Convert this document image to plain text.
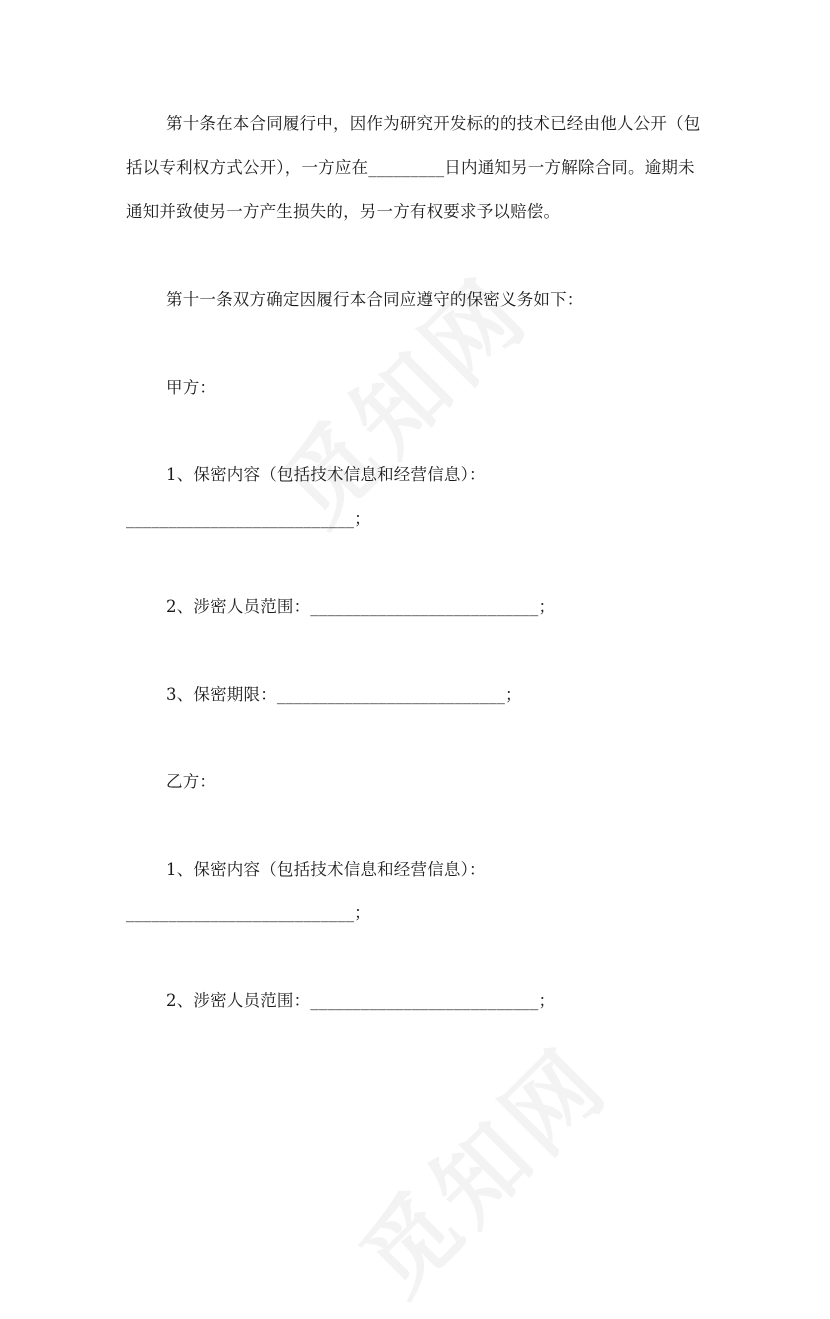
第十条在本合同履行中，因作为研究开发标的的技术已经由他人公开（包
括以专利权方式公开），一方应在_________日内通知另一方解除合同。逾期未
通知并致使另一方产生损失的，另一方有权要求予以赔偿。
第十一条双方确定因履行本合同应遵守的保密义务如下：
甲方：
1、保密内容（包括技术信息和经营信息）：
___________________________；
2、涉密人员范围：___________________________；
3、保密期限：___________________________；
乙方：
1、保密内容（包括技术信息和经营信息）：
___________________________；
2、涉密人员范围：___________________________；
